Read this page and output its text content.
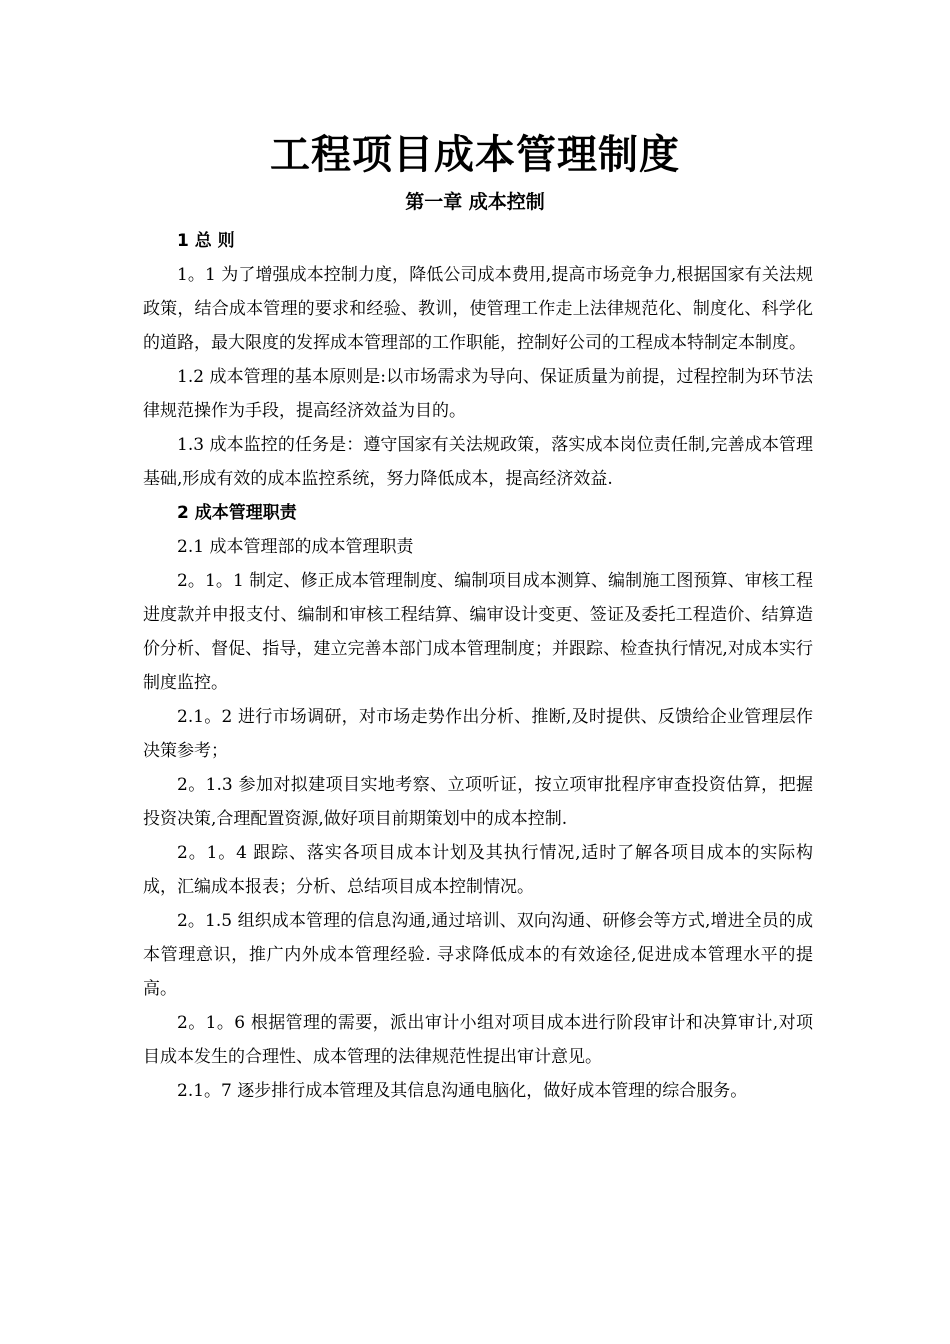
工程项目成本管理制度
第一章 成本控制

1 总 则

1。1 为了增强成本控制力度，降低公司成本费用,提高市场竞争力,根据国家有关法规政策，结合成本管理的要求和经验、教训，使管理工作走上法律规范化、制度化、科学化的道路，最大限度的发挥成本管理部的工作职能，控制好公司的工程成本特制定本制度。

1.2 成本管理的基本原则是:以市场需求为导向、保证质量为前提，过程控制为环节法律规范操作为手段，提高经济效益为目的。

1.3 成本监控的任务是：遵守国家有关法规政策，落实成本岗位责任制,完善成本管理基础,形成有效的成本监控系统，努力降低成本，提高经济效益.

2 成本管理职责

2.1 成本管理部的成本管理职责

2。1。1 制定、修正成本管理制度、编制项目成本测算、编制施工图预算、审核工程进度款并申报支付、编制和审核工程结算、编审设计变更、签证及委托工程造价、结算造价分析、督促、指导，建立完善本部门成本管理制度；并跟踪、检查执行情况,对成本实行制度监控。

2.1。2 进行市场调研，对市场走势作出分析、推断,及时提供、反馈给企业管理层作决策参考；

2。1.3 参加对拟建项目实地考察、立项听证，按立项审批程序审查投资估算，把握投资决策,合理配置资源,做好项目前期策划中的成本控制.

2。1。4 跟踪、落实各项目成本计划及其执行情况,适时了解各项目成本的实际构成，汇编成本报表；分析、总结项目成本控制情况。

2。1.5 组织成本管理的信息沟通,通过培训、双向沟通、研修会等方式,增进全员的成本管理意识，推广内外成本管理经验. 寻求降低成本的有效途径,促进成本管理水平的提高。

2。1。6 根据管理的需要，派出审计小组对项目成本进行阶段审计和决算审计,对项目成本发生的合理性、成本管理的法律规范性提出审计意见。

2.1。7 逐步排行成本管理及其信息沟通电脑化，做好成本管理的综合服务。
